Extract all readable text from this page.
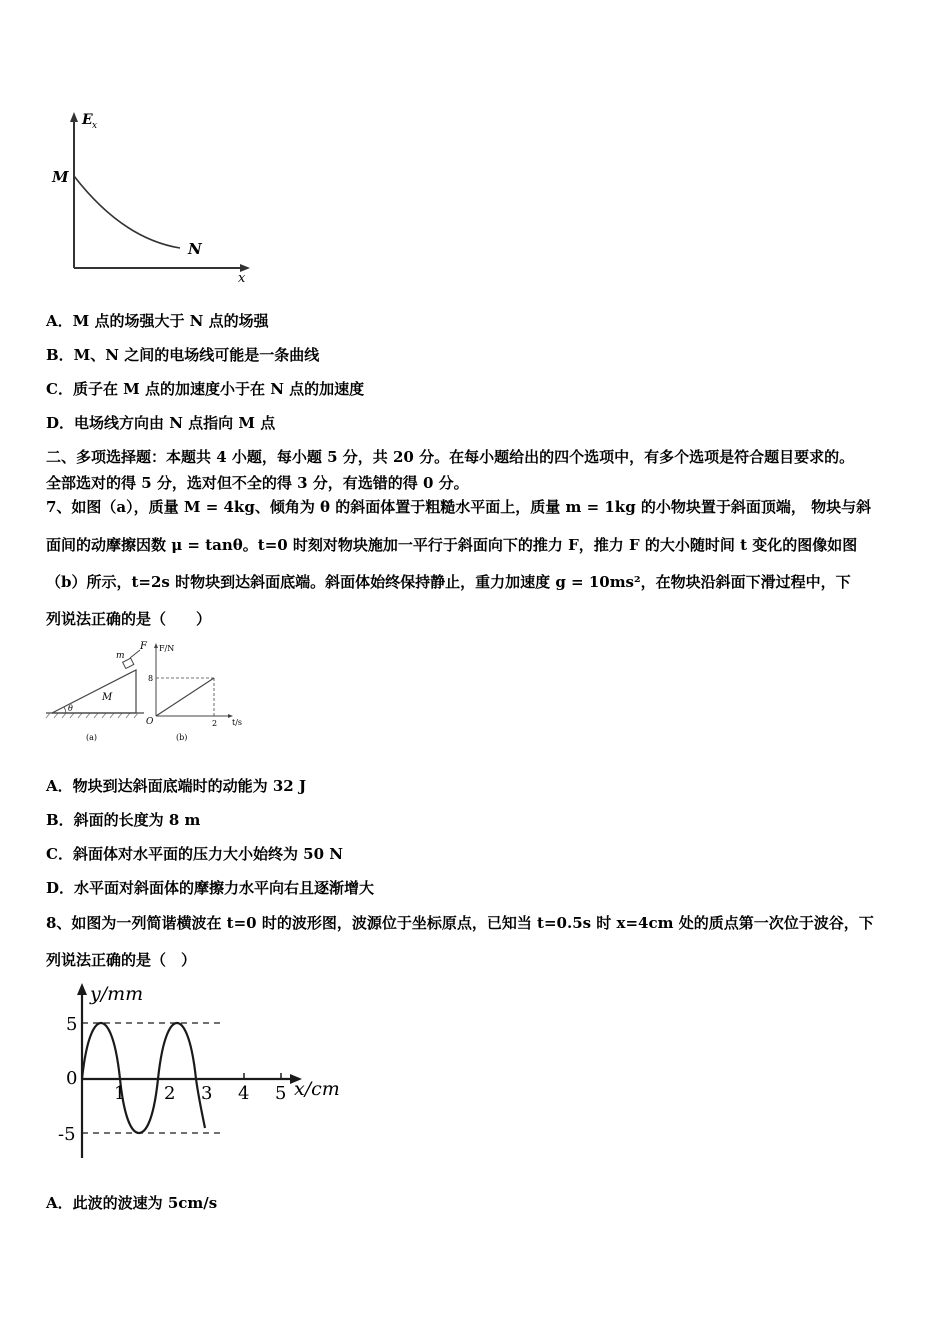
E x
x
M
N
A．M 点的场强大于 N 点的场强
B．M、N 之间的电场线可能是一条曲线
C．质子在 M 点的加速度小于在 N 点的加速度
D．电场线方向由 N 点指向 M 点
二、多项选择题：本题共 4 小题，每小题 5 分，共 20 分。在每小题给出的四个选项中，有多个选项是符合题目要求的。
全部选对的得 5 分，选对但不全的得 3 分，有选错的得 0 分。
7、如图（a），质量 M = 4kg、倾角为 θ 的斜面体置于粗糙水平面上，质量 m = 1kg 的小物块置于斜面顶端， 物块与斜
面间的动摩擦因数 μ = tanθ。t=0 时刻对物块施加一平行于斜面向下的推力 F，推力 F 的大小随时间 t 变化的图像如图
（b）所示，t=2s 时物块到达斜面底端。斜面体始终保持静止，重力加速度 g = 10ms²，在物块沿斜面下滑过程中，下
列说法正确的是（　　）
F
m
M
θ
(a)
F/N
t/s
O
8
2
(b)
A．物块到达斜面底端时的动能为 32 J
B．斜面的长度为 8 m
C．斜面体对水平面的压力大小始终为 50 N
D．水平面对斜面体的摩擦力水平向右且逐渐增大
8、如图为一列简谐横波在 t=0 时的波形图，波源位于坐标原点，已知当 t=0.5s 时 x=4cm 处的质点第一次位于波谷，下
列说法正确的是（　）
y/mm
x/cm
5
0
-5
1 2 3 4 5
A．此波的波速为 5cm/s
